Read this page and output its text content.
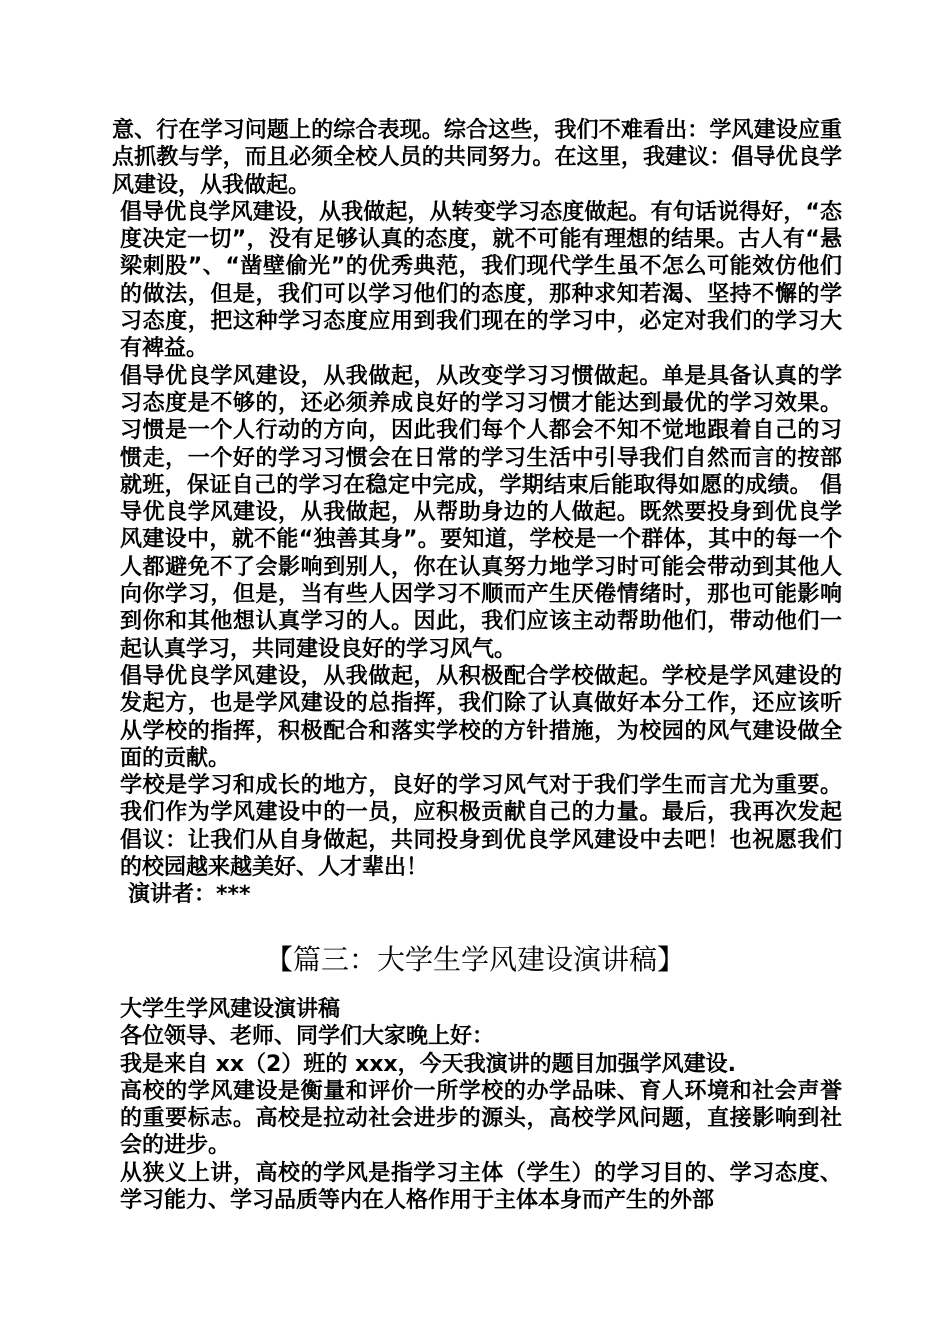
意、行在学习问题上的综合表现。综合这些，我们不难看出：学风建设应重点抓教与学，而且必须全校人员的共同努力。在这里，我建议：倡导优良学风建设，从我做起。

倡导优良学风建设，从我做起，从转变学习态度做起。有句话说得好，“态度决定一切”，没有足够认真的态度，就不可能有理想的结果。古人有“悬梁刺股”、“凿壁偷光”的优秀典范，我们现代学生虽不怎么可能效仿他们的做法，但是，我们可以学习他们的态度，那种求知若渴、坚持不懈的学习态度，把这种学习态度应用到我们现在的学习中，必定对我们的学习大有裨益。

倡导优良学风建设，从我做起，从改变学习习惯做起。单是具备认真的学习态度是不够的，还必须养成良好的学习习惯才能达到最优的学习效果。习惯是一个人行动的方向，因此我们每个人都会不知不觉地跟着自己的习惯走，一个好的学习习惯会在日常的学习生活中引导我们自然而言的按部就班，保证自己的学习在稳定中完成，学期结束后能取得如愿的成绩。 倡导优良学风建设，从我做起，从帮助身边的人做起。既然要投身到优良学风建设中，就不能“独善其身”。要知道，学校是一个群体，其中的每一个人都避免不了会影响到别人，你在认真努力地学习时可能会带动到其他人向你学习，但是，当有些人因学习不顺而产生厌倦情绪时，那也可能影响到你和其他想认真学习的人。因此，我们应该主动帮助他们，带动他们一起认真学习，共同建设良好的学习风气。

倡导优良学风建设，从我做起，从积极配合学校做起。学校是学风建设的发起方，也是学风建设的总指挥，我们除了认真做好本分工作，还应该听从学校的指挥，积极配合和落实学校的方针措施，为校园的风气建设做全面的贡献。

学校是学习和成长的地方，良好的学习风气对于我们学生而言尤为重要。我们作为学风建设中的一员，应积极贡献自己的力量。最后，我再次发起倡议：让我们从自身做起，共同投身到优良学风建设中去吧！也祝愿我们的校园越来越美好、人才辈出！

演讲者：***

【篇三：大学生学风建设演讲稿】

大学生学风建设演讲稿

各位领导、老师、同学们大家晚上好：

我是来自 xx（2）班的 xxx，今天我演讲的题目加强学风建设.

高校的学风建设是衡量和评价一所学校的办学品味、育人环境和社会声誉的重要标志。高校是拉动社会进步的源头，高校学风问题，直接影响到社会的进步。

从狭义上讲，高校的学风是指学习主体（学生）的学习目的、学习态度、学习能力、学习品质等内在人格作用于主体本身而产生的外部
